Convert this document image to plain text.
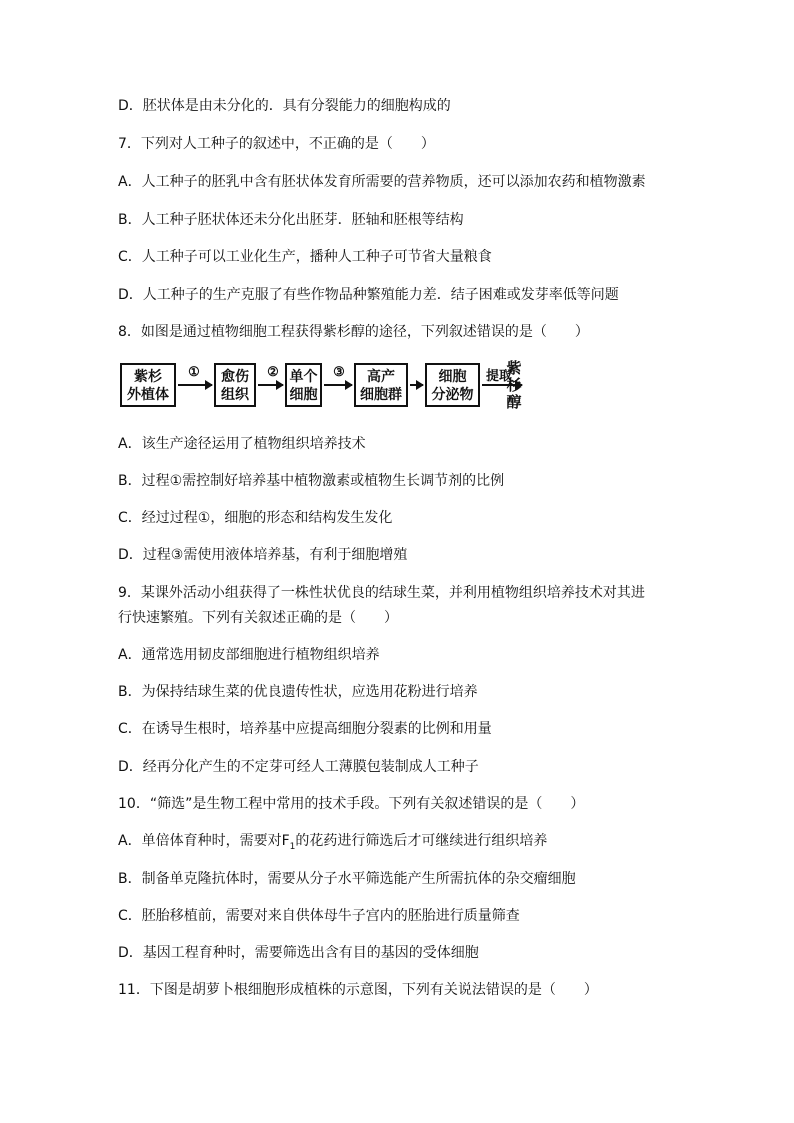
D．胚状体是由未分化的．具有分裂能力的细胞构成的
7．下列对人工种子的叙述中，不正确的是（　　）
A．人工种子的胚乳中含有胚状体发育所需要的营养物质，还可以添加农药和植物激素
B．人工种子胚状体还未分化出胚芽．胚轴和胚根等结构
C．人工种子可以工业化生产，播种人工种子可节省大量粮食
D．人工种子的生产克服了有些作物品种繁殖能力差．结子困难或发芽率低等问题
8．如图是通过植物细胞工程获得紫杉醇的途径，下列叙述错误的是（　　）
紫杉
外植体
①	愈伤
组织
② 单个
细胞
③	高产
细胞群
细胞
分泌物
提取
紫
杉
醇
A．该生产途径运用了植物组织培养技术
B．过程①需控制好培养基中植物激素或植物生长调节剂的比例
C．经过过程①，细胞的形态和结构发生发化
D．过程③需使用液体培养基，有利于细胞增殖
9．某课外活动小组获得了一株性状优良的结球生菜，并利用植物组织培养技术对其进
行快速繁殖。下列有关叙述正确的是（　　）
A．通常选用韧皮部细胞进行植物组织培养
B．为保持结球生菜的优良遗传性状，应选用花粉进行培养
C．在诱导生根时，培养基中应提高细胞分裂素的比例和用量
D．经再分化产生的不定芽可经人工薄膜包装制成人工种子
10．“筛选”是生物工程中常用的技术手段。下列有关叙述错误的是（　　）
A．单倍体育种时，需要对$F_1$的花药进行筛选后才可继续进行组织培养
B．制备单克隆抗体时，需要从分子水平筛选能产生所需抗体的杂交瘤细胞
C．胚胎移植前，需要对来自供体母牛子宫内的胚胎进行质量筛查
D．基因工程育种时，需要筛选出含有目的基因的受体细胞
11．下图是胡萝卜根细胞形成植株的示意图，下列有关说法错误的是（　　）
